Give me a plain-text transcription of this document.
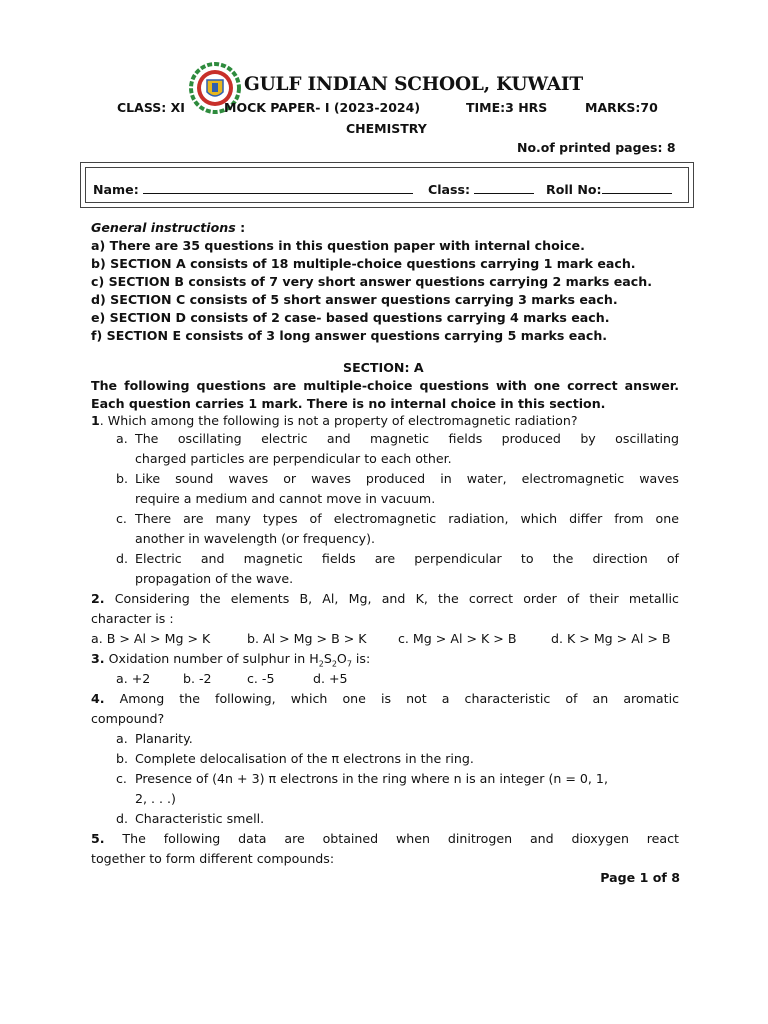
GULF INDIAN SCHOOL, KUWAIT
CLASS: XI	MOCK PAPER- I (2023-2024)	TIME:3 HRS	MARKS:70
CHEMISTRY
No.of printed pages: 8
Name:	Class:	Roll No:
General instructions :
a) There are 35 questions in this question paper with internal choice.
b) SECTION A consists of 18 multiple-choice questions carrying 1 mark each.
c) SECTION B consists of 7 very short answer questions carrying 2 marks each.
d) SECTION C consists of 5 short answer questions carrying 3 marks each.
e) SECTION D consists of 2 case- based questions carrying 4 marks each.
f) SECTION E consists of 3 long answer questions carrying 5 marks each.
SECTION: A
The following questions are multiple-choice questions with one correct answer.
Each question carries 1 mark. There is no internal choice in this section.
1. Which among the following is not a property of electromagnetic radiation?
a. The oscillating electric and magnetic fields produced by oscillating
charged particles are perpendicular to each other.
b. Like sound waves or waves produced in water, electromagnetic waves
require a medium and cannot move in vacuum.
c. There are many types of electromagnetic radiation, which differ from one
another in wavelength (or frequency).
d. Electric and magnetic fields are perpendicular to the direction of
propagation of the wave.
2. Considering the elements B, Al, Mg, and K, the correct order of their metallic
character is :
a. B > Al > Mg > K	b. Al > Mg > B > K c. Mg > Al > K > B	d. K > Mg > Al > B
3. Oxidation number of sulphur in $H_2S_2O_7$ is:
a. +2	b. -2	c. -5	d. +5
4. Among the following, which one is not a characteristic of an aromatic
compound?
a. Planarity.
b. Complete delocalisation of the π electrons in the ring.
c. Presence of (4n + 3) π electrons in the ring where n is an integer (n = 0, 1,
2, . . .)
d. Characteristic smell.
5. The following data are obtained when dinitrogen and dioxygen react
together to form different compounds:
Page 1 of 8
